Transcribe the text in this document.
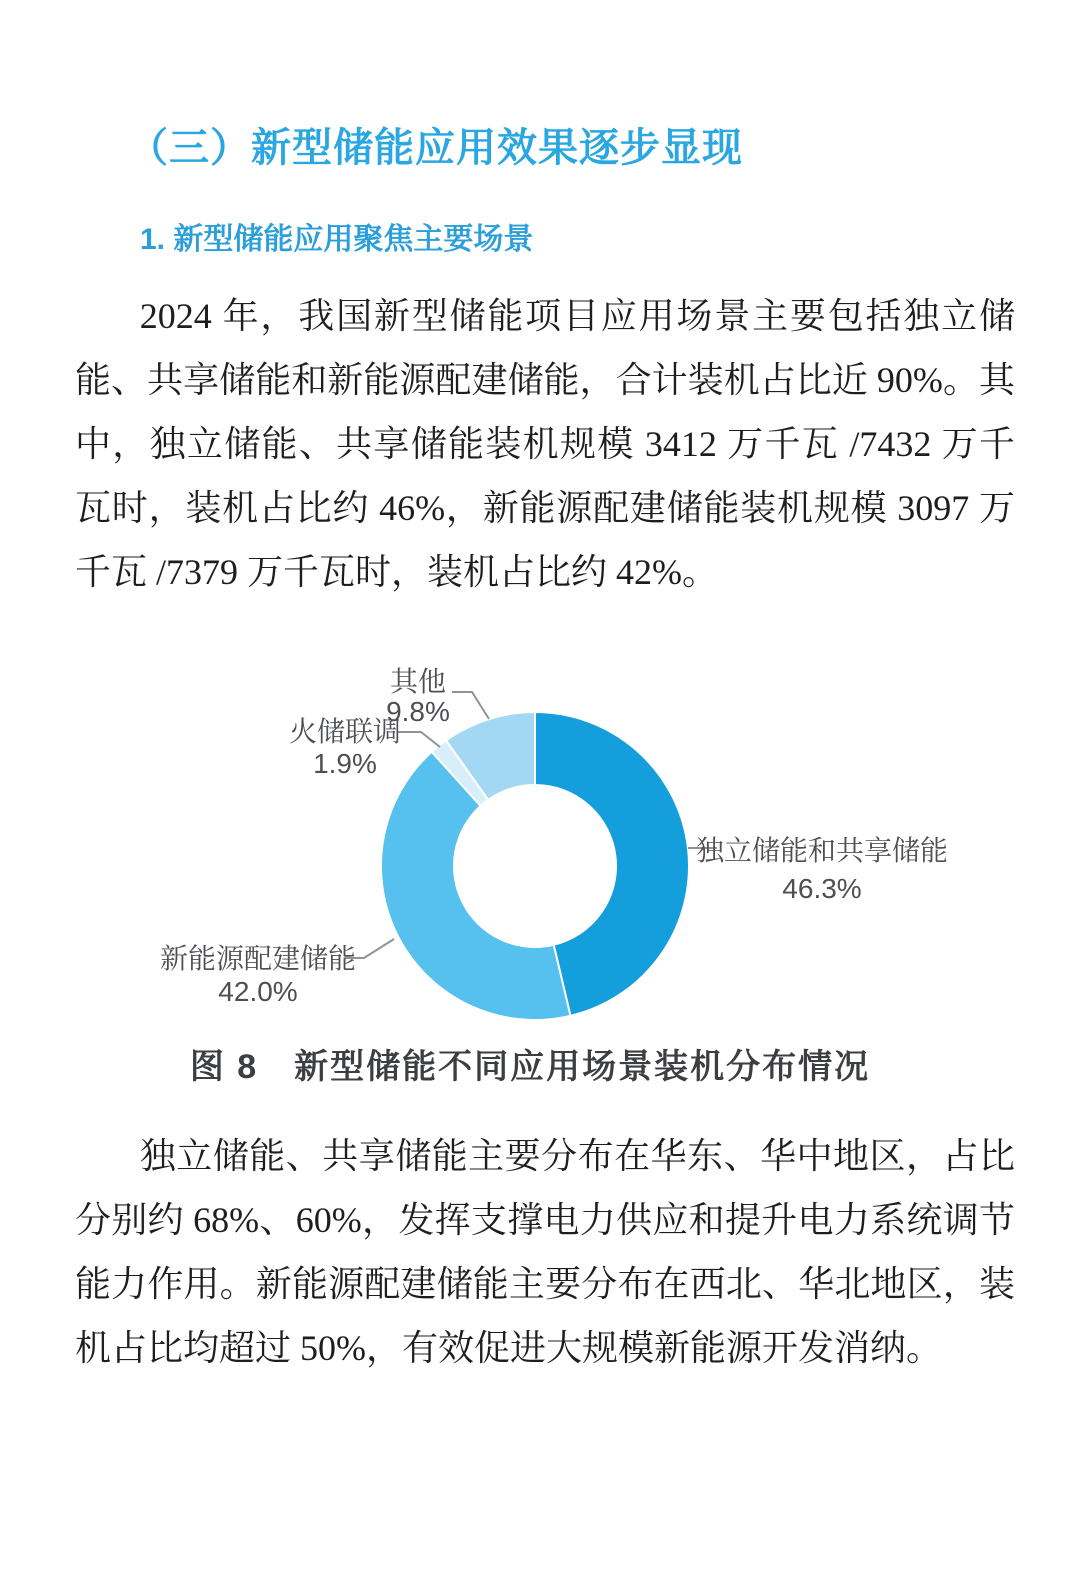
（三）新型储能应用效果逐步显现
1. 新型储能应用聚焦主要场景

2024 年，我国新型储能项目应用场景主要包括独立储能、共享储能和新能源配建储能，合计装机占比近 90%。其中，独立储能、共享储能装机规模 3412 万千瓦 /7432 万千瓦时，装机占比约 46%，新能源配建储能装机规模 3097 万千瓦 /7379 万千瓦时，装机占比约 42%。

其他
9.8%
火储联调
1.9%
独立储能和共享储能
46.3%
新能源配建储能
42.0%
图 8　新型储能不同应用场景装机分布情况

独立储能、共享储能主要分布在华东、华中地区，占比分别约 68%、60%，发挥支撑电力供应和提升电力系统调节能力作用。新能源配建储能主要分布在西北、华北地区，装机占比均超过 50%，有效促进大规模新能源开发消纳。
